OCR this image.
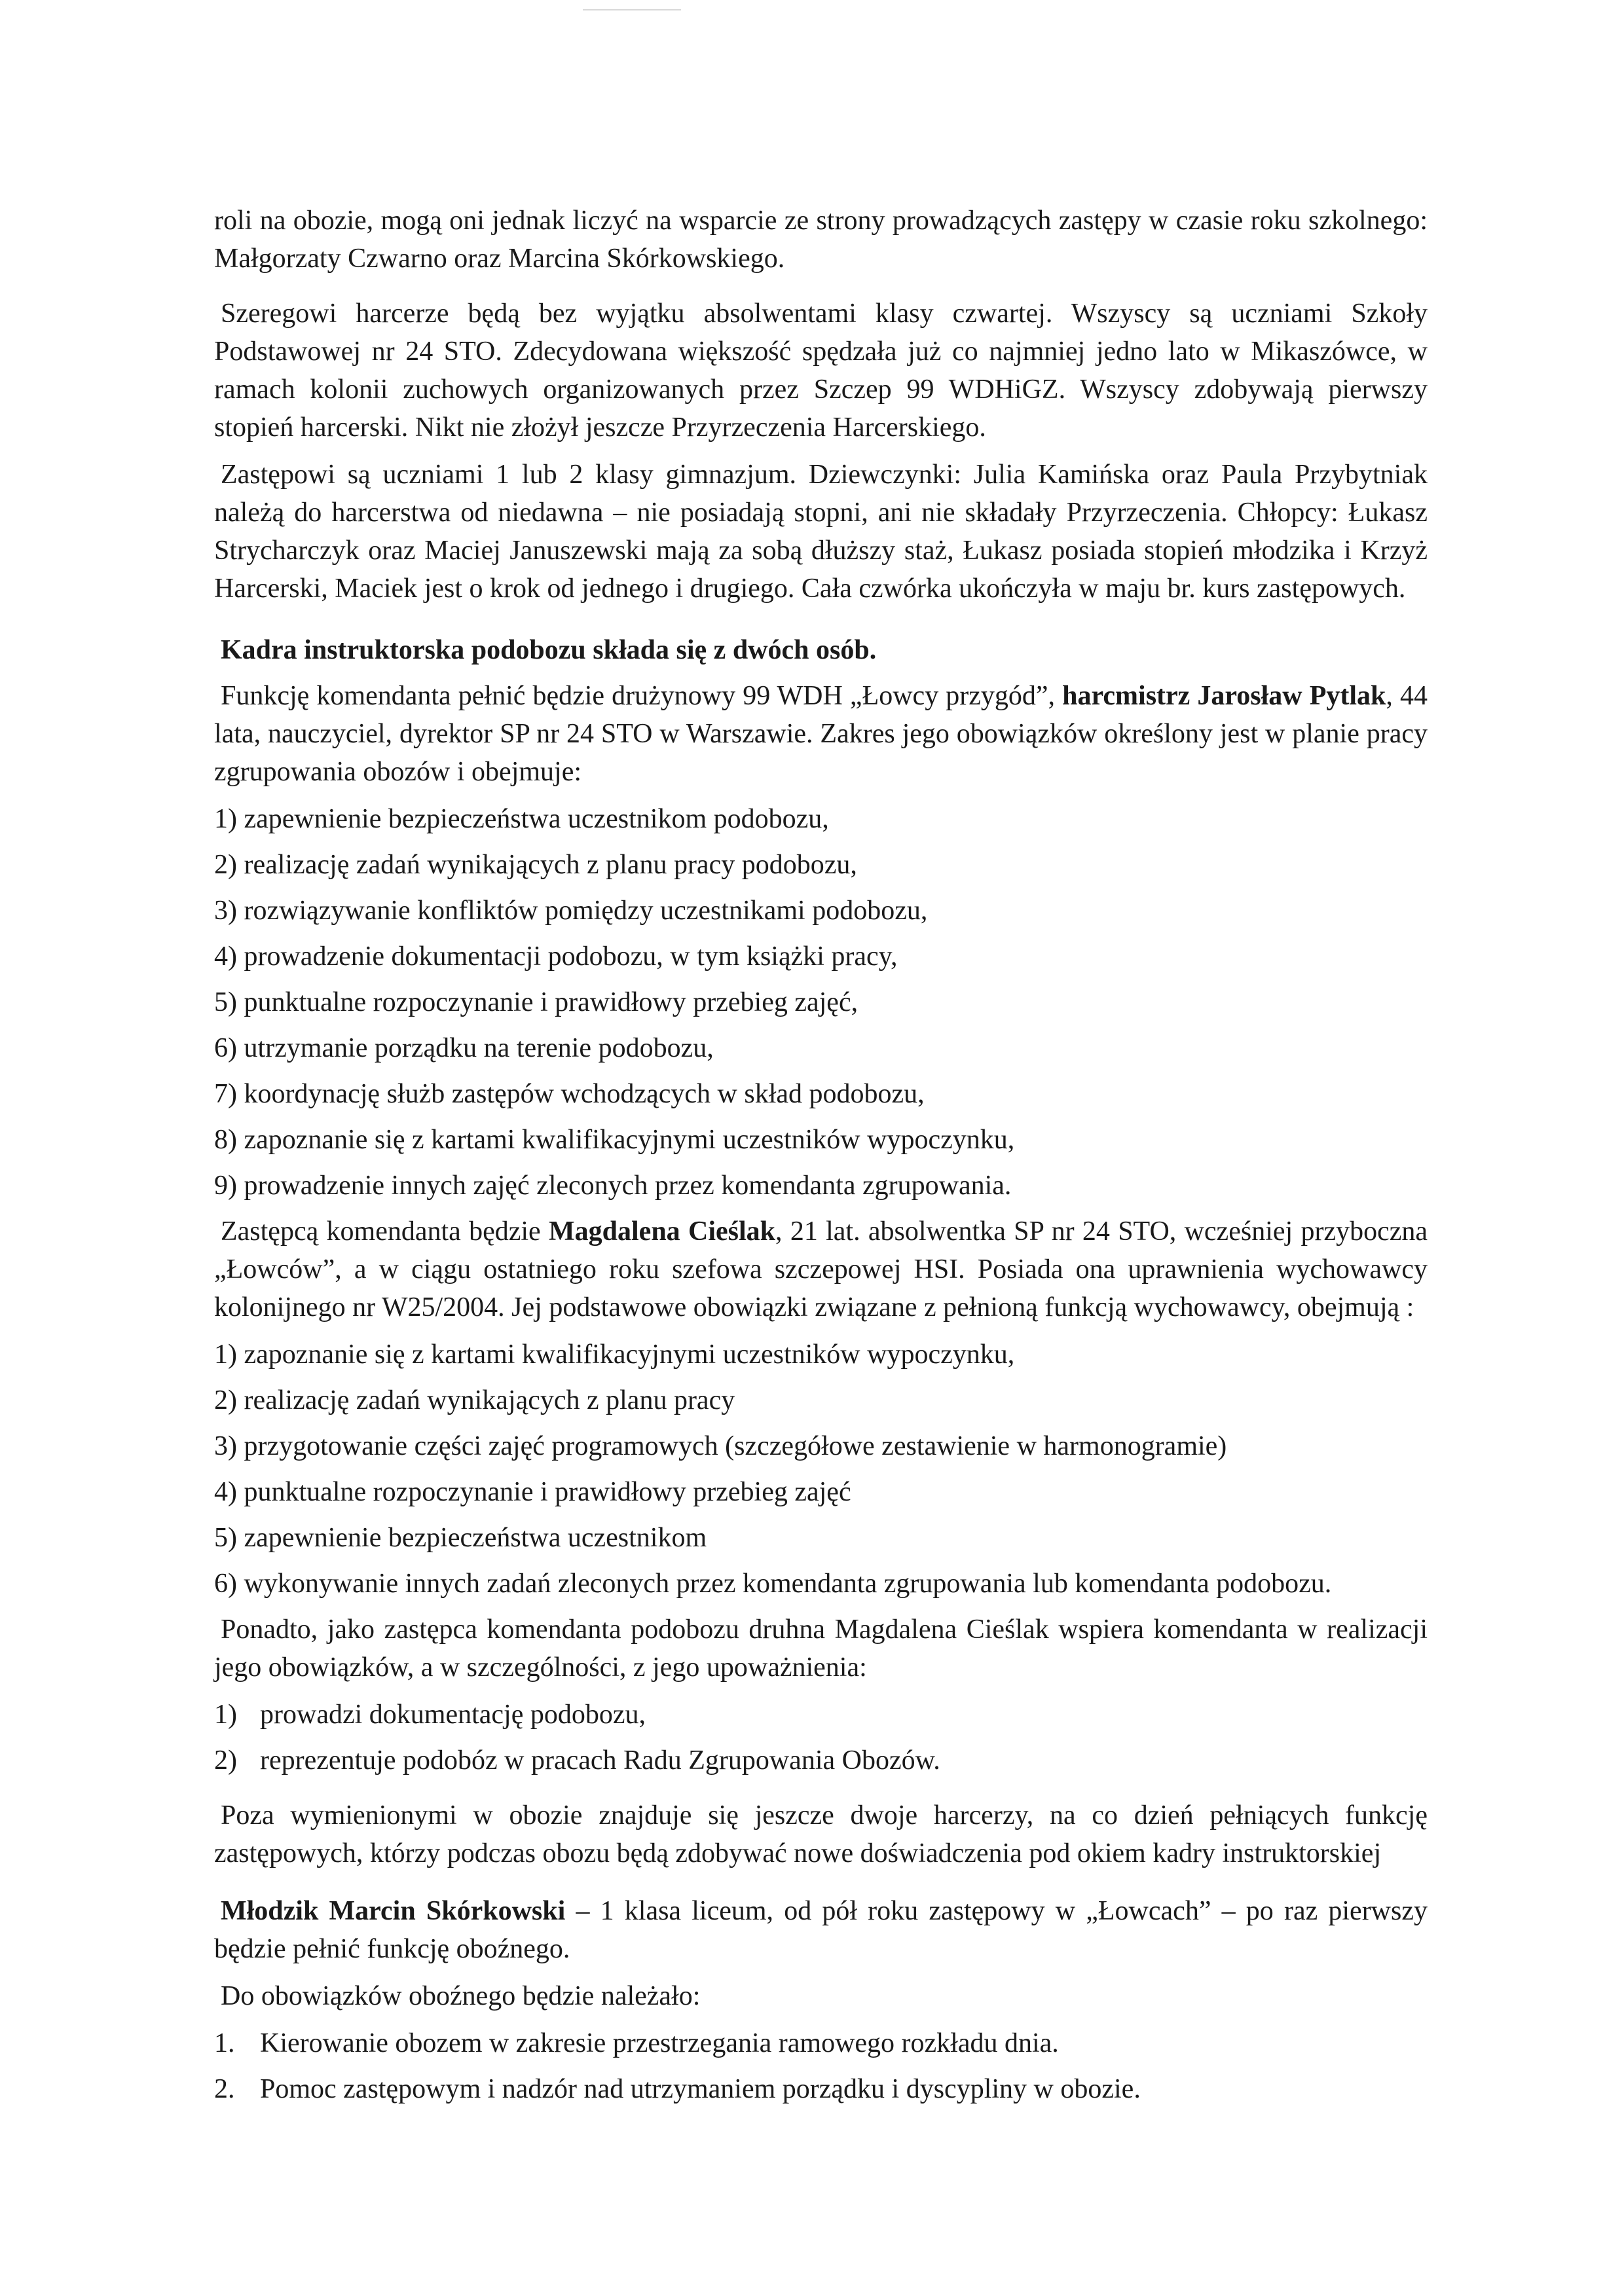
roli na obozie, mogą oni jednak liczyć na wsparcie ze strony prowadzących zastępy w czasie roku szkolnego: Małgorzaty Czwarno oraz Marcina Skórkowskiego.

Szeregowi harcerze będą bez wyjątku absolwentami klasy czwartej. Wszyscy są uczniami Szkoły Podstawowej nr 24 STO. Zdecydowana większość spędzała już co najmniej jedno lato w Mikaszówce, w ramach kolonii zuchowych organizowanych przez Szczep 99 WDHiGZ. Wszyscy zdobywają pierwszy stopień harcerski. Nikt nie złożył jeszcze Przyrzeczenia Harcerskiego.

Zastępowi są uczniami 1 lub 2 klasy gimnazjum. Dziewczynki: Julia Kamińska oraz Paula Przybytniak należą do harcerstwa od niedawna – nie posiadają stopni, ani nie składały Przyrzeczenia. Chłopcy: Łukasz Strycharczyk oraz Maciej Januszewski mają za sobą dłuższy staż, Łukasz posiada stopień młodzika i Krzyż Harcerski, Maciek jest o krok od jednego i drugiego. Cała czwórka ukończyła w maju br. kurs zastępowych.

Kadra instruktorska podobozu składa się z dwóch osób.

Funkcję komendanta pełnić będzie drużynowy 99 WDH „Łowcy przygód”, harcmistrz Jarosław Pytlak, 44 lata, nauczyciel, dyrektor SP nr 24 STO w Warszawie. Zakres jego obowiązków określony jest w planie pracy zgrupowania obozów i obejmuje:

1) zapewnienie bezpieczeństwa uczestnikom podobozu,
2) realizację zadań wynikających z planu pracy podobozu,
3) rozwiązywanie konfliktów pomiędzy uczestnikami podobozu,
4) prowadzenie dokumentacji podobozu, w tym książki pracy,
5) punktualne rozpoczynanie i prawidłowy przebieg zajęć,
6) utrzymanie porządku na terenie podobozu,
7) koordynację służb zastępów wchodzących w skład podobozu,
8) zapoznanie się z kartami kwalifikacyjnymi uczestników wypoczynku,
9) prowadzenie innych zajęć zleconych przez komendanta zgrupowania.

Zastępcą komendanta będzie Magdalena Cieślak, 21 lat. absolwentka SP nr 24 STO, wcześniej przyboczna „Łowców”, a w ciągu ostatniego roku szefowa szczepowej HSI. Posiada ona uprawnienia wychowawcy kolonijnego nr W25/2004. Jej podstawowe obowiązki związane z pełnioną funkcją wychowawcy, obejmują :

1) zapoznanie się z kartami kwalifikacyjnymi uczestników wypoczynku,
2) realizację zadań wynikających z planu pracy
3) przygotowanie części zajęć programowych (szczegółowe zestawienie w harmonogramie)
4) punktualne rozpoczynanie i prawidłowy przebieg zajęć
5) zapewnienie bezpieczeństwa uczestnikom
6) wykonywanie innych zadań zleconych przez komendanta zgrupowania lub komendanta podobozu.

Ponadto, jako zastępca komendanta podobozu druhna Magdalena Cieślak wspiera komendanta w realizacji jego obowiązków, a w szczególności, z jego upoważnienia:

1) prowadzi dokumentację podobozu,
2) reprezentuje podobóz w pracach Radu Zgrupowania Obozów.

Poza wymienionymi w obozie znajduje się jeszcze dwoje harcerzy, na co dzień pełniących funkcję zastępowych, którzy podczas obozu będą zdobywać nowe doświadczenia pod okiem kadry instruktorskiej

Młodzik Marcin Skórkowski – 1 klasa liceum, od pół roku zastępowy w „Łowcach” – po raz pierwszy będzie pełnić funkcję oboźnego.

Do obowiązków oboźnego będzie należało:

1. Kierowanie obozem w zakresie przestrzegania ramowego rozkładu dnia.
2. Pomoc zastępowym i nadzór nad utrzymaniem porządku i dyscypliny w obozie.
